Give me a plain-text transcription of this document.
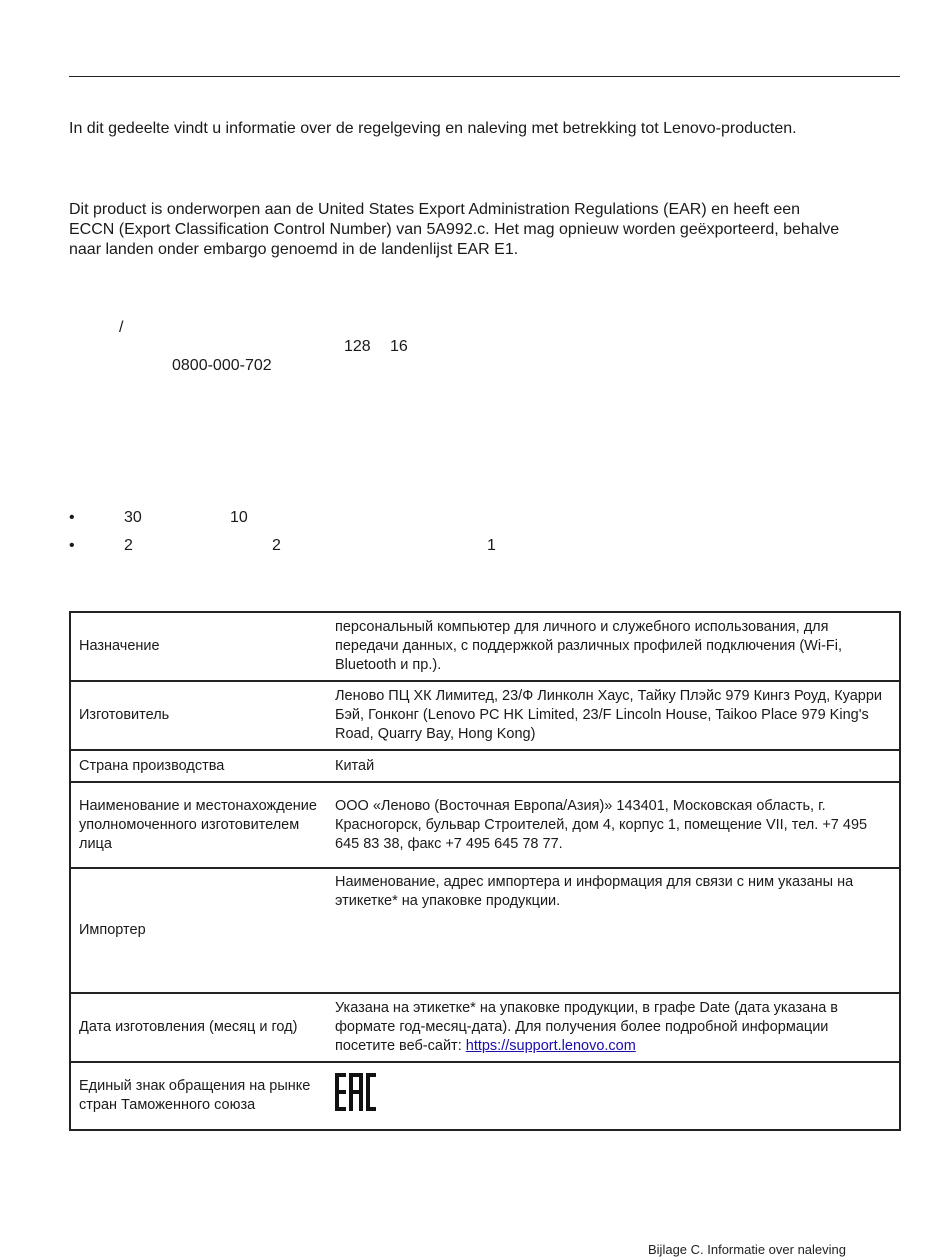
In dit gedeelte vindt u informatie over de regelgeving en naleving met betrekking tot Lenovo-producten.

Dit product is onderworpen aan de United States Export Administration Regulations (EAR) en heeft een
ECCN (Export Classification Control Number) van 5A992.c. Het mag opnieuw worden geëxporteerd, behalve
naar landen onder embargo genoemd in de landenlijst EAR E1.
/
128 16
0800-000-702
•	30	10
•	2	2	1
Назначение	персональный компьютер для личного и служебного использования, для передачи данных, с поддержкой различных профилей подключения (Wi-Fi, Bluetooth и пр.).
Изготовитель	Леново ПЦ ХК Лимитед, 23/Ф Линколн Хаус, Тайку Плэйс 979 Кингз Роуд, Куарри Бэй, Гонконг (Lenovo PC HK Limited, 23/F Lincoln House, Taikoo Place 979 King's Road, Quarry Bay, Hong Kong)
Страна производства	Китай
Наименование и местонахождение уполномоченного изготовителем лица	ООО «Леново (Восточная Европа/Азия)» 143401, Московская область, г. Красногорск, бульвар Строителей, дом 4, корпус 1, помещение VII, тел. +7 495 645 83 38, факс +7 495 645 78 77.
Импортер	Наименование, адрес импортера и информация для связи с ним указаны на этикетке* на упаковке продукции.
Дата изготовления (месяц и год)	Указана на этикетке* на упаковке продукции, в графе Date (дата указана в формате год-месяц-дата). Для получения более подробной информации посетите веб-сайт: https://support.lenovo.com
Единый знак обращения на рынке стран Таможенного союза	
Bijlage C. Informatie over naleving
